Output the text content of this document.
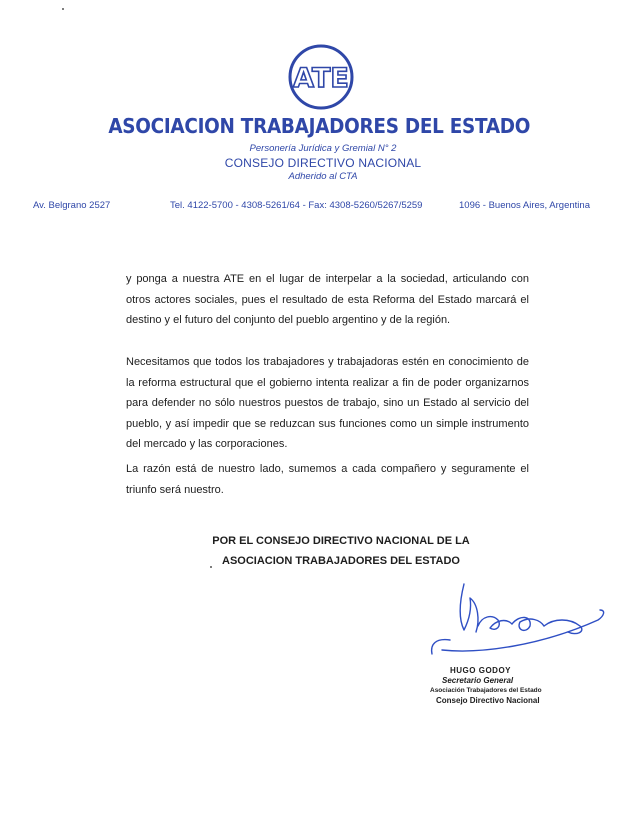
ATE
ASOCIACION TRABAJADORES DEL ESTADO
Personería Jurídica y Gremial N° 2
CONSEJO DIRECTIVO NACIONAL
Adherido al CTA
Av. Belgrano 2527	Tel. 4122-5700 - 4308-5261/64 - Fax: 4308-5260/5267/5259	1096 - Buenos Aires, Argentina

y ponga a nuestra ATE en el lugar de interpelar a la sociedad, articulando con otros actores sociales, pues el resultado de esta Reforma del Estado marcará el destino y el futuro del conjunto del pueblo argentino y de la región.

Necesitamos que todos los trabajadores y trabajadoras estén en conocimiento de la reforma estructural que el gobierno intenta realizar a fin de poder organizarnos para defender no sólo nuestros puestos de trabajo, sino un Estado al servicio del pueblo, y así impedir que se reduzcan sus funciones como un simple instrumento del mercado y las corporaciones.

La razón está de nuestro lado, sumemos a cada compañero y seguramente el triunfo será nuestro.

POR EL CONSEJO DIRECTIVO NACIONAL DE LA
ASOCIACION TRABAJADORES DEL ESTADO
HUGO GODOY
Secretario General
Asociación Trabajadores del Estado
Consejo Directivo Nacional
